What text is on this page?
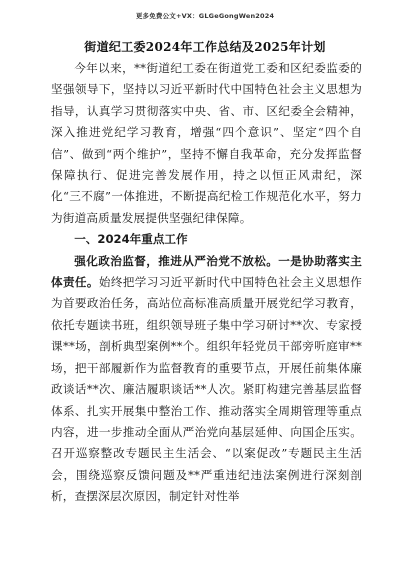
更多免费公文+VX：GLGeGongWen2024
街道纪工委2024年工作总结及2025年计划

今年以来，**街道纪工委在街道党工委和区纪委监委的坚强领导下，坚持以习近平新时代中国特色社会主义思想为指导，认真学习贯彻落实中央、省、市、区纪委全会精神，深入推进党纪学习教育，增强“四个意识”、坚定“四个自信”、做到“两个维护”，坚持不懈自我革命，充分发挥监督保障执行、促进完善发展作用，持之以恒正风肃纪，深化“三不腐”一体推进，不断提高纪检工作规范化水平，努力为街道高质量发展提供坚强纪律保障。

一、2024年重点工作

强化政治监督，推进从严治党不放松。一是协助落实主体责任。始终把学习习近平新时代中国特色社会主义思想作为首要政治任务，高站位高标准高质量开展党纪学习教育，依托专题读书班，组织领导班子集中学习研讨**次、专家授课**场，剖析典型案例**个。组织年轻党员干部旁听庭审**场，把干部履新作为监督教育的重要节点，开展任前集体廉政谈话**次、廉洁履职谈话**人次。紧盯构建完善基层监督体系、扎实开展集中整治工作、推动落实全周期管理等重点内容，进一步推动全面从严治党向基层延伸、向国企压实。召开巡察整改专题民主生活会、“以案促改”专题民主生活会，围绕巡察反馈问题及**严重违纪违法案例进行深刻剖析，查摆深层次原因，制定针对性举
